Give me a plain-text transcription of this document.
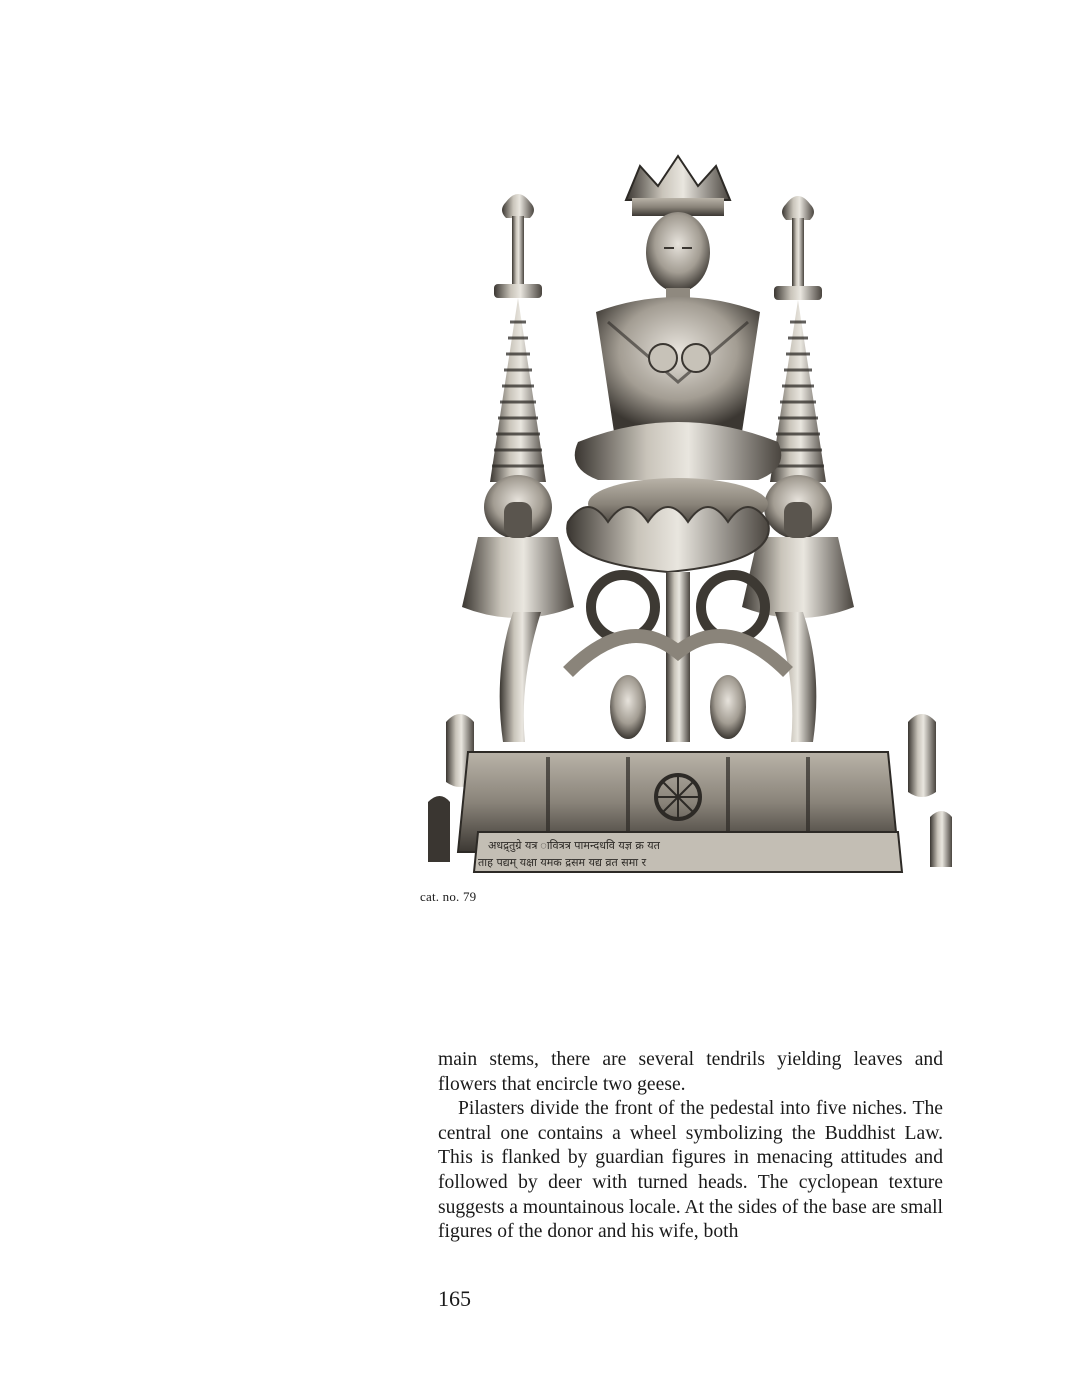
अधद्र्‌तुग्रे यत्र ावित्रत्र पामन्दधवि यज्ञ क्र यत
ताह पद्यम् यक्षा यमक द्रसम यद्य व्रत समा र
cat. no. 79

main stems, there are several tendrils yielding leaves and flowers that encircle two geese.

Pilasters divide the front of the pedestal into five niches. The central one contains a wheel symbolizing the Buddhist Law. This is flanked by guardian figures in menacing attitudes and followed by deer with turned heads. The cyclopean texture suggests a mountainous locale. At the sides of the base are small figures of the donor and his wife, both

165
